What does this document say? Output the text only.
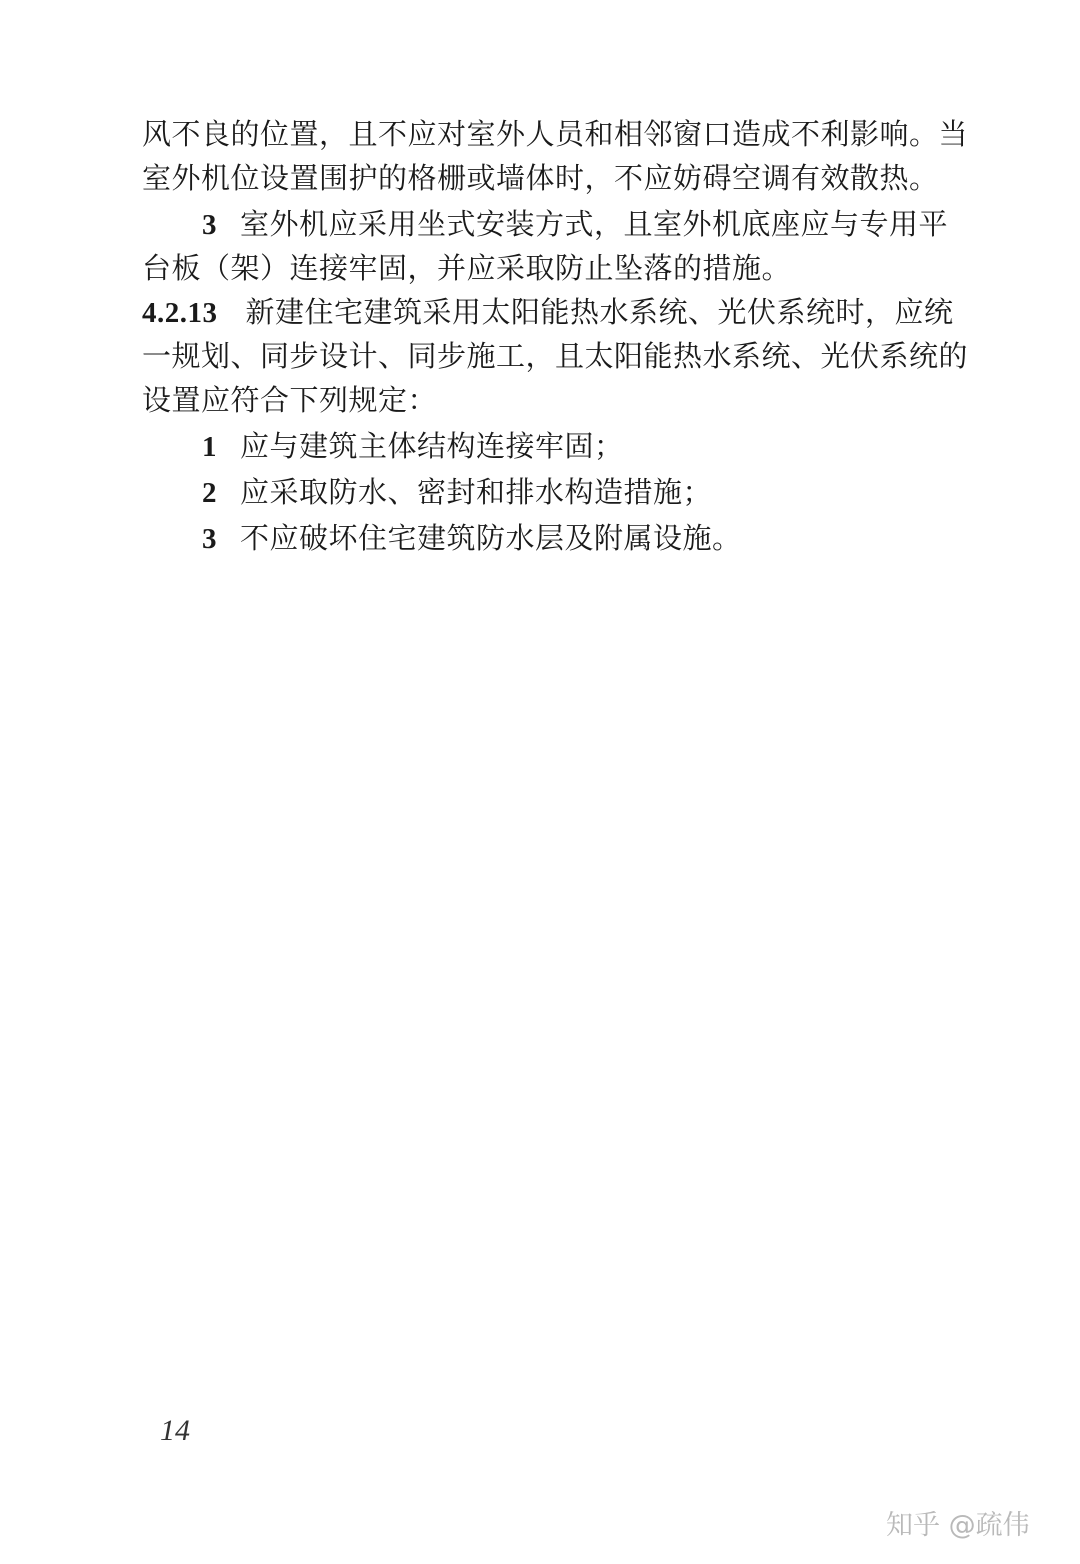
风不良的位置，且不应对室外人员和相邻窗口造成不利影响。当
室外机位设置围护的格栅或墙体时，不应妨碍空调有效散热。
3 室外机应采用坐式安装方式，且室外机底座应与专用平
台板（架）连接牢固，并应采取防止坠落的措施。
4.2.13 新建住宅建筑采用太阳能热水系统、光伏系统时，应统
一规划、同步设计、同步施工，且太阳能热水系统、光伏系统的
设置应符合下列规定：
1 应与建筑主体结构连接牢固；
2 应采取防水、密封和排水构造措施；
3 不应破坏住宅建筑防水层及附属设施。
14
知乎 @疏伟
